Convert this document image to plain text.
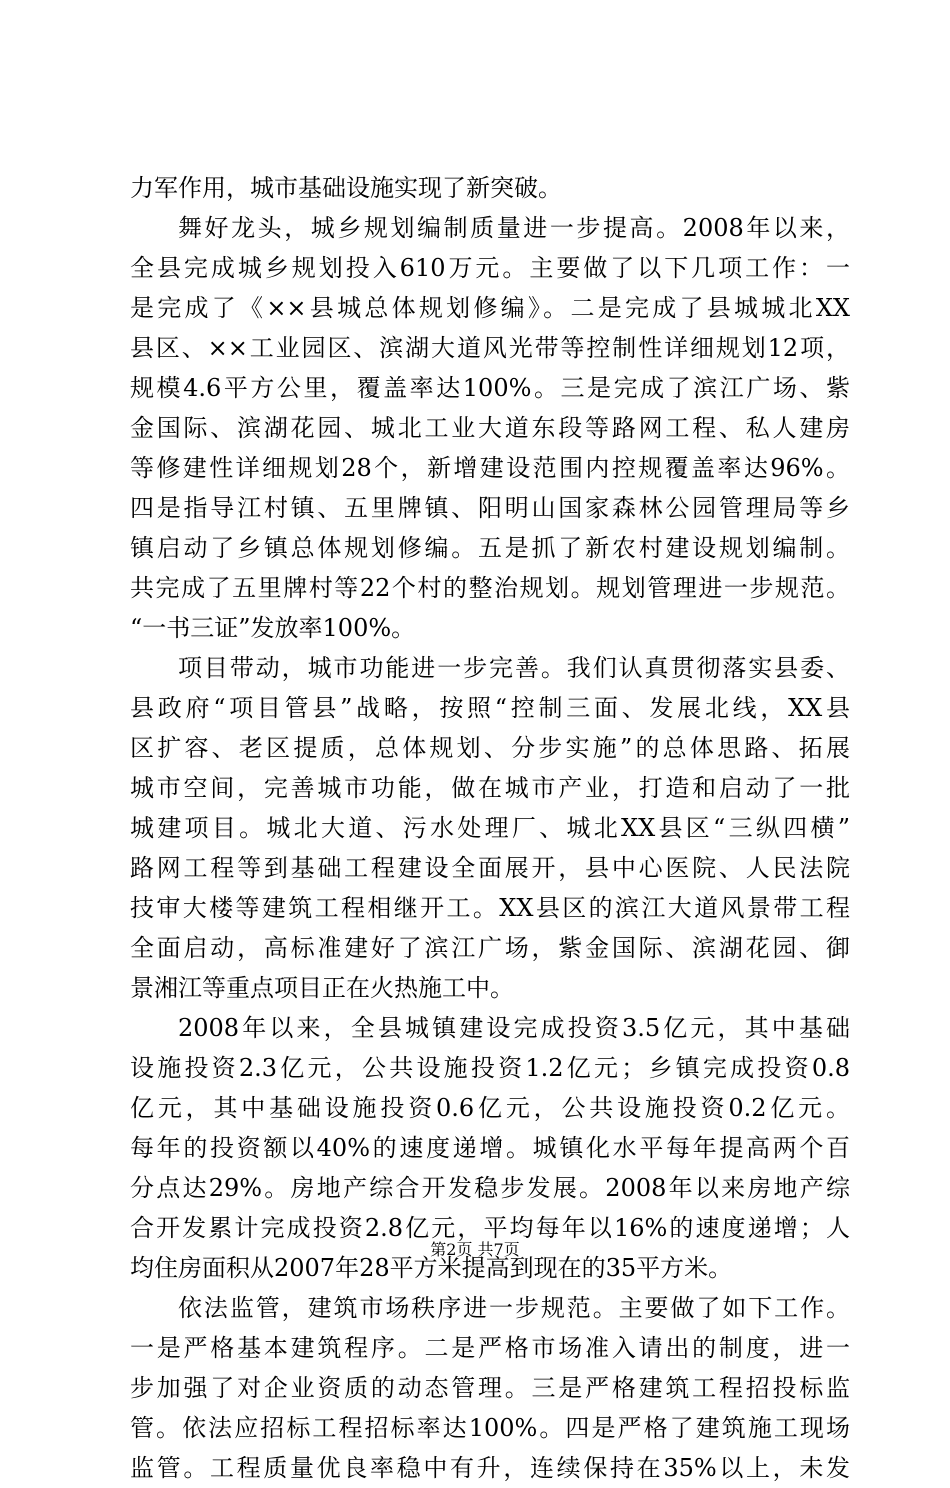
力军作用，城市基础设施实现了新突破。
舞好龙头，城乡规划编制质量进一步提高。2008年以来，
全县完成城乡规划投入610万元。主要做了以下几项工作：一
是完成了《××县城总体规划修编》。二是完成了县城城北XX
县区、××工业园区、滨湖大道风光带等控制性详细规划12项，
规模4.6平方公里，覆盖率达100%。三是完成了滨江广场、紫
金国际、滨湖花园、城北工业大道东段等路网工程、私人建房
等修建性详细规划28个，新增建设范围内控规覆盖率达96%。
四是指导江村镇、五里牌镇、阳明山国家森林公园管理局等乡
镇启动了乡镇总体规划修编。五是抓了新农村建设规划编制。
共完成了五里牌村等22个村的整治规划。规划管理进一步规范。
“一书三证”发放率100%。
项目带动，城市功能进一步完善。我们认真贯彻落实县委、
县政府“项目管县”战略，按照“控制三面、发展北线，XX县
区扩容、老区提质，总体规划、分步实施”的总体思路、拓展
城市空间，完善城市功能，做在城市产业，打造和启动了一批
城建项目。城北大道、污水处理厂、城北XX县区“三纵四横”
路网工程等到基础工程建设全面展开，县中心医院、人民法院
技审大楼等建筑工程相继开工。XX县区的滨江大道风景带工程
全面启动，高标准建好了滨江广场，紫金国际、滨湖花园、御
景湘江等重点项目正在火热施工中。
2008年以来，全县城镇建设完成投资3.5亿元，其中基础
设施投资2.3亿元，公共设施投资1.2亿元；乡镇完成投资0.8
亿元，其中基础设施投资0.6亿元，公共设施投资0.2亿元。
每年的投资额以40%的速度递增。城镇化水平每年提高两个百
分点达29%。房地产综合开发稳步发展。2008年以来房地产综
合开发累计完成投资2.8亿元，平均每年以16%的速度递增；人
均住房面积从2007年28平方米提高到现在的35平方米。
依法监管，建筑市场秩序进一步规范。主要做了如下工作。
一是严格基本建筑程序。二是严格市场准入请出的制度，进一
步加强了对企业资质的动态管理。三是严格建筑工程招投标监
管。依法应招标工程招标率达100%。四是严格了建筑施工现场
监管。工程质量优良率稳中有升，连续保持在35%以上，未发
第2页 共7页
